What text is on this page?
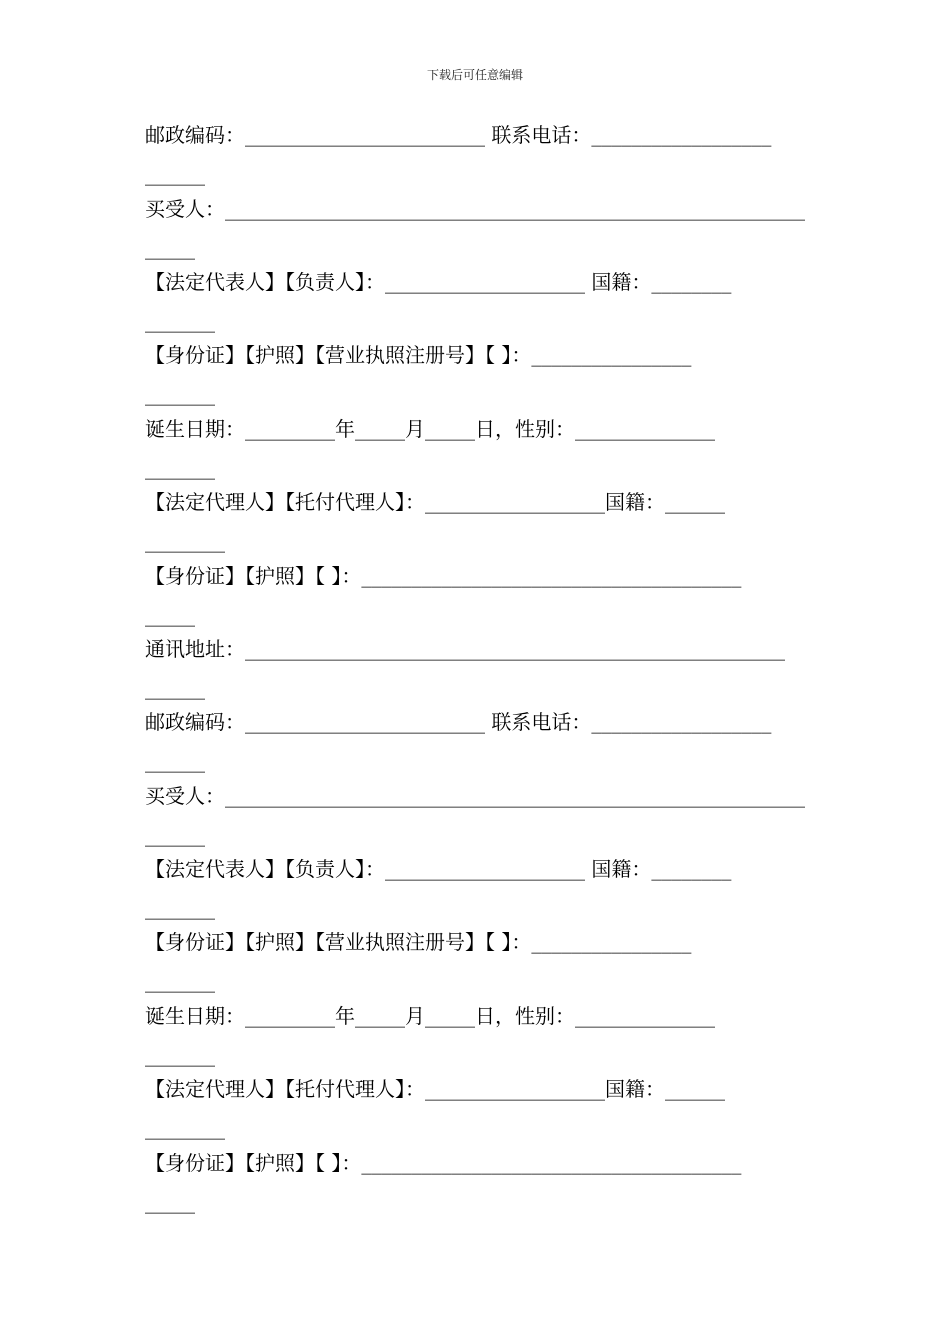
下载后可任意编辑
邮政编码：________________________ 联系电话：__________________
______
买受人：__________________________________________________________
_____
【法定代表人】【负责人】：____________________ 国籍：________
_______
【身份证】【护照】【营业执照注册号】【 】：________________
_______
诞生日期：_________年_____月_____日，性别：______________
_______
【法定代理人】【托付代理人】：__________________国籍：______
________
【身份证】【护照】【 】：______________________________________
_____
通讯地址：______________________________________________________
______
邮政编码：________________________ 联系电话：__________________
______
买受人：__________________________________________________________
______
【法定代表人】【负责人】：____________________ 国籍：________
_______
【身份证】【护照】【营业执照注册号】【 】：________________
_______
诞生日期：_________年_____月_____日，性别：______________
_______
【法定代理人】【托付代理人】：__________________国籍：______
________
【身份证】【护照】【 】：______________________________________
_____
